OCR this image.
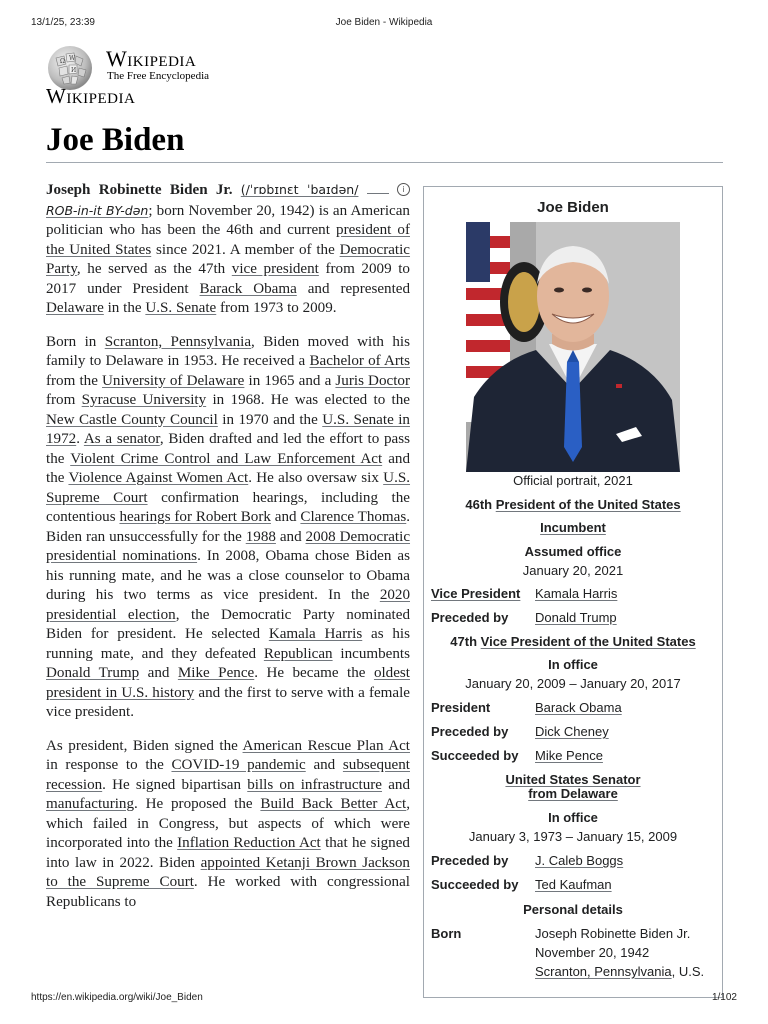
13/1/25, 23:39	Joe Biden - Wikipedia
Ω W
И Wikipedia
The Free Encyclopedia
Wikipedia
Joe Biden

Joseph Robinette Biden Jr. (/ˈrɒbɪnɛt ˈbaɪdən/	i ROB-in-it BY-dən; born November 20, 1942) is an American politician who has been the 46th and current president of the United States since 2021. A member of the Democratic Party, he served as the 47th vice president from 2009 to 2017 under President Barack Obama and represented Delaware in the U.S. Senate from 1973 to 2009.

Born in Scranton, Pennsylvania, Biden moved with his family to Delaware in 1953. He received a Bachelor of Arts from the University of Delaware in 1965 and a Juris Doctor from Syracuse University in 1968. He was elected to the New Castle County Council in 1970 and the U.S. Senate in 1972. As a senator, Biden drafted and led the effort to pass the Violent Crime Control and Law Enforcement Act and the Violence Against Women Act. He also oversaw six U.S. Supreme Court confirmation hearings, including the contentious hearings for Robert Bork and Clarence Thomas. Biden ran unsuccessfully for the 1988 and 2008 Democratic presidential nominations. In 2008, Obama chose Biden as his running mate, and he was a close counselor to Obama during his two terms as vice president. In the 2020 presidential election, the Democratic Party nominated Biden for president. He selected Kamala Harris as his running mate, and they defeated Republican incumbents Donald Trump and Mike Pence. He became the oldest president in U.S. history and the first to serve with a female vice president.

As president, Biden signed the American Rescue Plan Act in response to the COVID-19 pandemic and subsequent recession. He signed bipartisan bills on infrastructure and manufacturing. He proposed the Build Back Better Act, which failed in Congress, but aspects of which were incorporated into the Inflation Reduction Act that he signed into law in 2022. Biden appointed Ketanji Brown Jackson to the Supreme Court. He worked with congressional Republicans to

Joe Biden
Official portrait, 2021
46th President of the United States
Incumbent
Assumed office
January 20, 2021
Vice President	Kamala Harris
Preceded by	Donald Trump
47th Vice President of the United States
In office
January 20, 2009 – January 20, 2017
President	Barack Obama
Preceded by	Dick Cheney
Succeeded by	Mike Pence
United States Senator
from Delaware
In office
January 3, 1973 – January 15, 2009
Preceded by	J. Caleb Boggs
Succeeded by	Ted Kaufman
Personal details
Born	Joseph Robinette Biden Jr.
November 20, 1942
Scranton, Pennsylvania, U.S.
https://en.wikipedia.org/wiki/Joe_Biden	1/102
